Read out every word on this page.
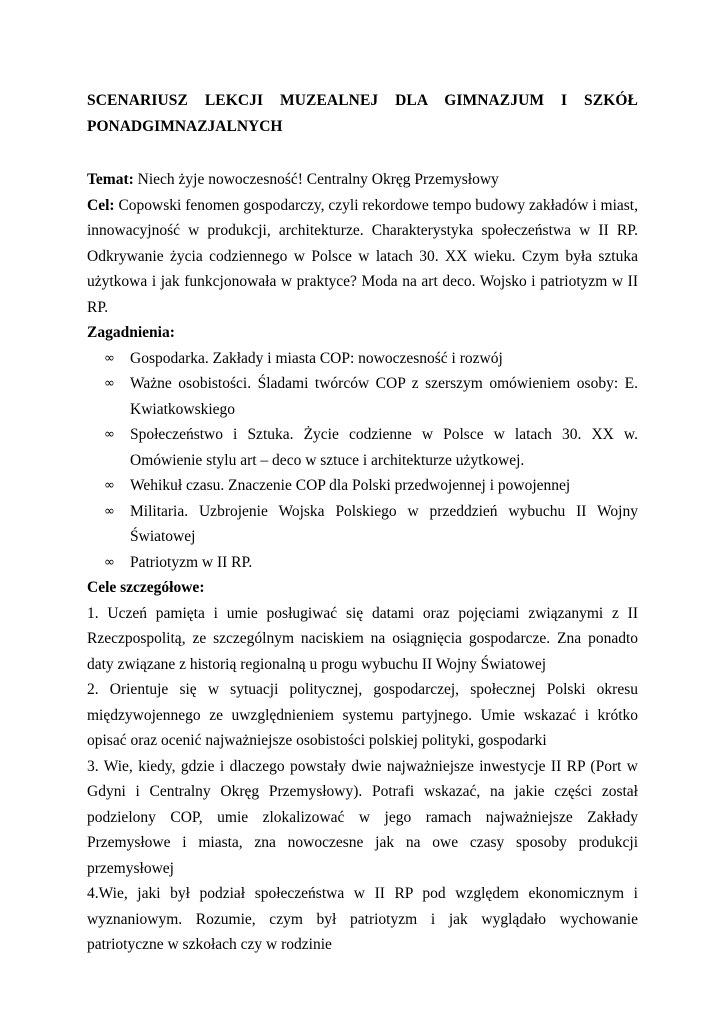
SCENARIUSZ LEKCJI MUZEALNEJ DLA GIMNAZJUM I SZKÓŁ

PONADGIMNAZJALNYCH

Temat: Niech żyje nowoczesność! Centralny Okręg Przemysłowy

Cel: Copowski fenomen gospodarczy, czyli rekordowe tempo budowy zakładów i miast, innowacyjność w produkcji, architekturze. Charakterystyka społeczeństwa w II RP. Odkrywanie życia codziennego w Polsce w latach 30. XX wieku. Czym była sztuka użytkowa i jak funkcjonowała w praktyce? Moda na art deco. Wojsko i patriotyzm w II RP.

Zagadnienia:

∞ Gospodarka. Zakłady i miasta COP: nowoczesność i rozwój
∞ Ważne osobistości. Śladami twórców COP z szerszym omówieniem osoby: E. Kwiatkowskiego
∞ Społeczeństwo i Sztuka. Życie codzienne w Polsce w latach 30. XX w. Omówienie stylu art – deco w sztuce i architekturze użytkowej.
∞ Wehikuł czasu. Znaczenie COP dla Polski przedwojennej i powojennej
∞ Militaria. Uzbrojenie Wojska Polskiego w przeddzień wybuchu II Wojny Światowej
∞ Patriotyzm w II RP.

Cele szczegółowe:

1. Uczeń pamięta i umie posługiwać się datami oraz pojęciami związanymi z II Rzeczpospolitą, ze szczególnym naciskiem na osiągnięcia gospodarcze. Zna ponadto daty związane z historią regionalną u progu wybuchu II Wojny Światowej

2. Orientuje się w sytuacji politycznej, gospodarczej, społecznej Polski okresu międzywojennego ze uwzględnieniem systemu partyjnego. Umie wskazać i krótko opisać oraz ocenić najważniejsze osobistości polskiej polityki, gospodarki

3. Wie, kiedy, gdzie i dlaczego powstały dwie najważniejsze inwestycje II RP (Port w Gdyni i Centralny Okręg Przemysłowy). Potrafi wskazać, na jakie części został podzielony COP, umie zlokalizować w jego ramach najważniejsze Zakłady Przemysłowe i miasta, zna nowoczesne jak na owe czasy sposoby produkcji przemysłowej

4.Wie, jaki był podział społeczeństwa w II RP pod względem ekonomicznym i wyznaniowym. Rozumie, czym był patriotyzm i jak wyglądało wychowanie patriotyczne w szkołach czy w rodzinie
